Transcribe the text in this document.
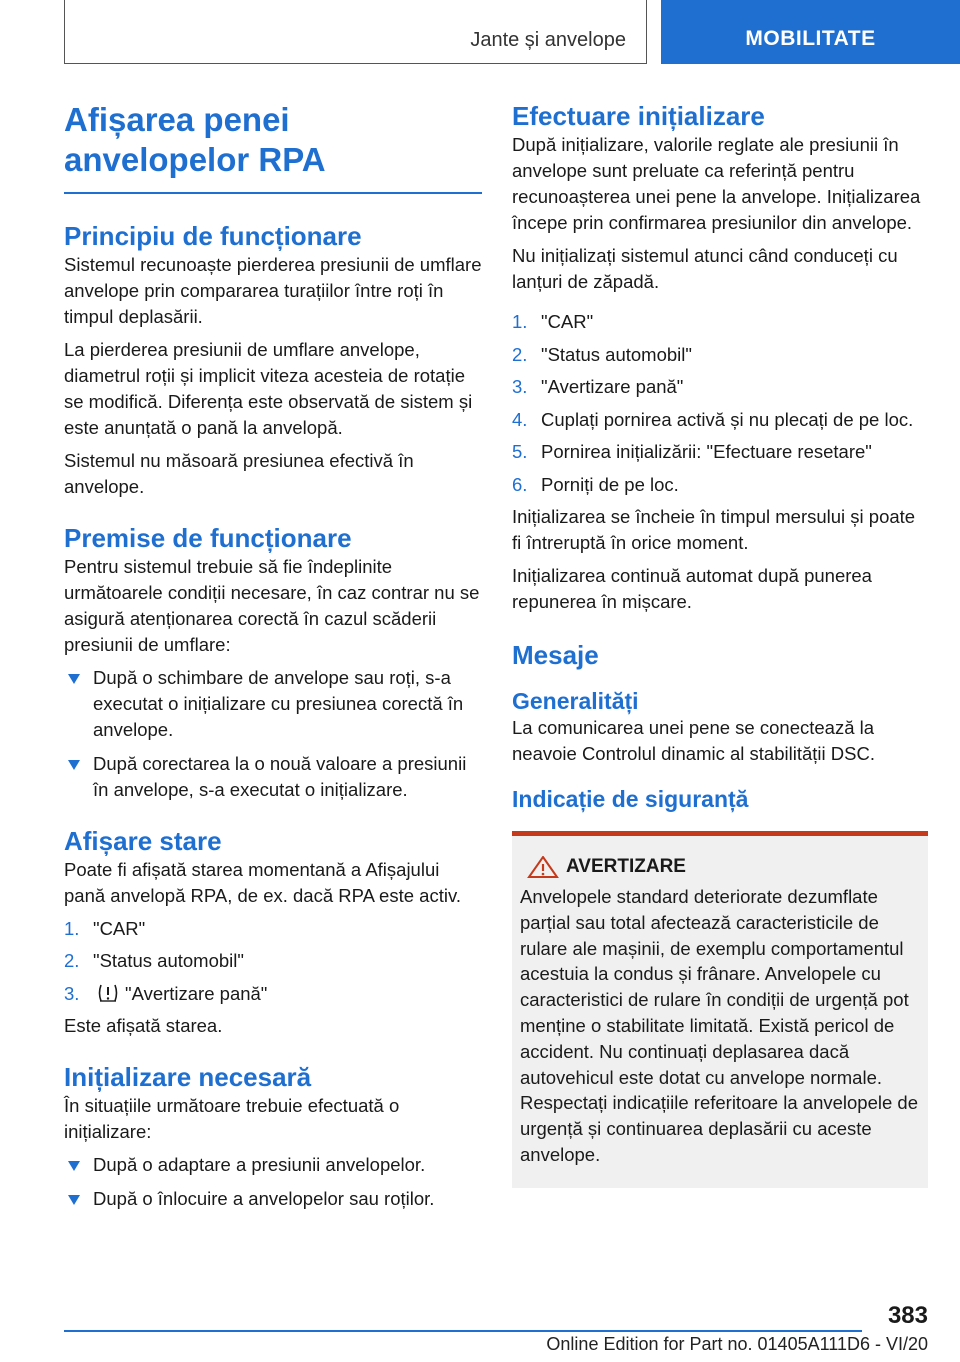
Jante și anvelope	MOBILITATE
Afișarea penei anvelopelor RPA
Principiu de funcționare

Sistemul recunoaște pierderea presiunii de umflare anvelope prin compararea turațiilor între roți în timpul deplasării.

La pierderea presiunii de umflare anvelope, diametrul roții și implicit viteza acesteia de rotație se modifică. Diferența este observată de sistem și este anunțată o pană la anvelopă.

Sistemul nu măsoară presiunea efectivă în anvelope.

Premise de funcționare

Pentru sistemul trebuie să fie îndeplinite următoarele condiții necesare, în caz contrar nu se asigură atenționarea corectă în cazul scăderii presiunii de umflare:

După o schimbare de anvelope sau roți, s-a executat o inițializare cu presiunea corectă în anvelope.
După corectarea la o nouă valoare a presiunii în anvelope, s-a executat o inițializare.
Afișare stare

Poate fi afișată starea momentană a Afișajului pană anvelopă RPA, de ex. dacă RPA este activ.

1. "CAR"
2. "Status automobil"
3. "Avertizare pană"

Este afișată starea.

Inițializare necesară

În situațiile următoare trebuie efectuată o inițializare:

După o adaptare a presiunii anvelopelor.
După o înlocuire a anvelopelor sau roților.
Efectuare inițializare

După inițializare, valorile reglate ale presiunii în anvelope sunt preluate ca referință pentru recunoașterea unei pene la anvelope. Inițializarea începe prin confirmarea presiunilor din anvelope.

Nu inițializați sistemul atunci când conduceți cu lanțuri de zăpadă.

1. "CAR"
2. "Status automobil"
3. "Avertizare pană"
4. Cuplați pornirea activă și nu plecați de pe loc.
5. Pornirea inițializării: "Efectuare resetare"
6. Porniți de pe loc.

Inițializarea se încheie în timpul mersului și poate fi întreruptă în orice moment.

Inițializarea continuă automat după punerea repunerea în mișcare.

Mesaje
Generalități

La comunicarea unei pene se conectează la neavoie Controlul dinamic al stabilității DSC.

Indicație de siguranță
AVERTIZARE

Anvelopele standard deteriorate dezumflate parțial sau total afectează caracteristicile de rulare ale mașinii, de exemplu comportamentul acestuia la condus și frânare. Anvelopele cu caracteristici de rulare în condiții de urgență pot menține o stabilitate limitată. Există pericol de accident. Nu continuați deplasarea dacă autovehicul este dotat cu anvelope normale. Respectați indicațiile referitoare la anvelopele de urgență și continuarea deplasării cu aceste anvelope.

383
Online Edition for Part no. 01405A111D6 - VI/20
